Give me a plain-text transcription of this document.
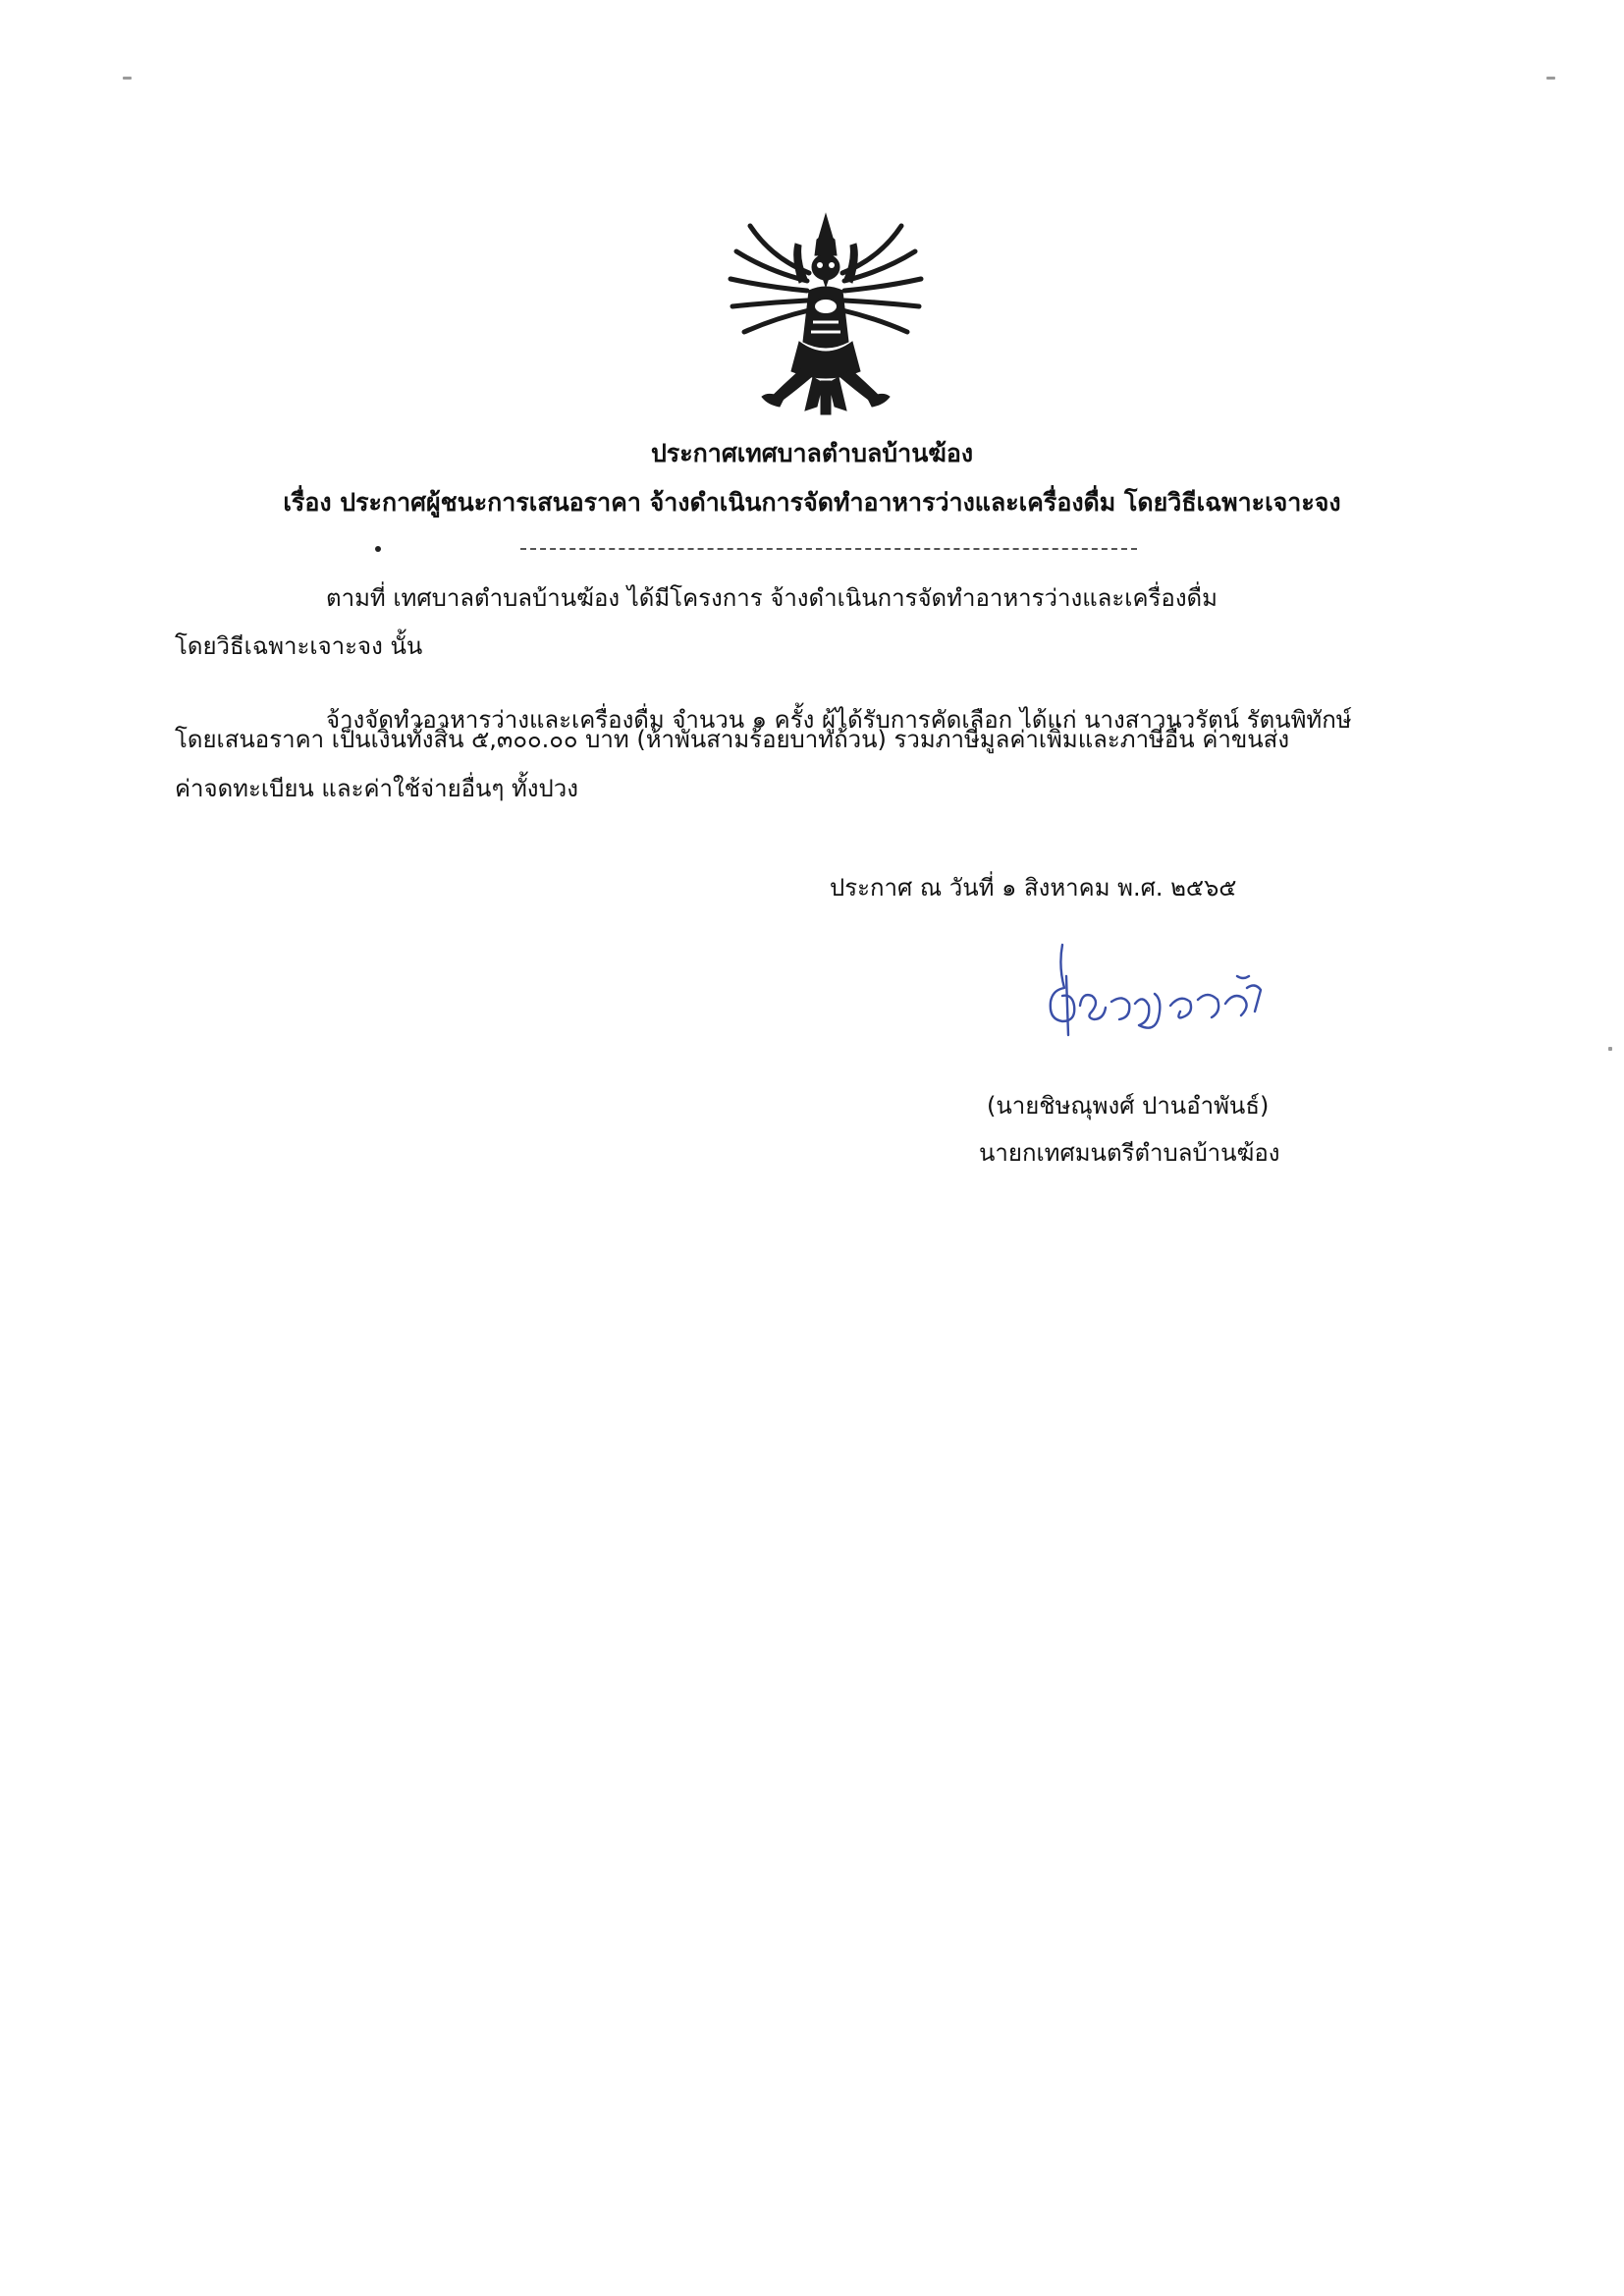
ประกาศเทศบาลตำบลบ้านฆ้อง
เรื่อง ประกาศผู้ชนะการเสนอราคา จ้างดำเนินการจัดทำอาหารว่างและเครื่องดื่ม โดยวิธีเฉพาะเจาะจง
ตามที่ เทศบาลตำบลบ้านฆ้อง ได้มีโครงการ จ้างดำเนินการจัดทำอาหารว่างและเครื่องดื่ม
โดยวิธีเฉพาะเจาะจง นั้น
จ้างจัดทำอาหารว่างและเครื่องดื่ม จำนวน ๑ ครั้ง ผู้ได้รับการคัดเลือก ได้แก่ นางสาวนวรัตน์ รัตนพิทักษ์
โดยเสนอราคา เป็นเงินทั้งสิ้น ๕,๓๐๐.๐๐ บาท (ห้าพันสามร้อยบาทถ้วน) รวมภาษีมูลค่าเพิ่มและภาษีอื่น ค่าขนส่ง
ค่าจดทะเบียน และค่าใช้จ่ายอื่นๆ ทั้งปวง
ประกาศ ณ วันที่ ๑ สิงหาคม พ.ศ. ๒๕๖๕
(นายชิษณุพงศ์ ปานอำพันธ์)
นายกเทศมนตรีตำบลบ้านฆ้อง
